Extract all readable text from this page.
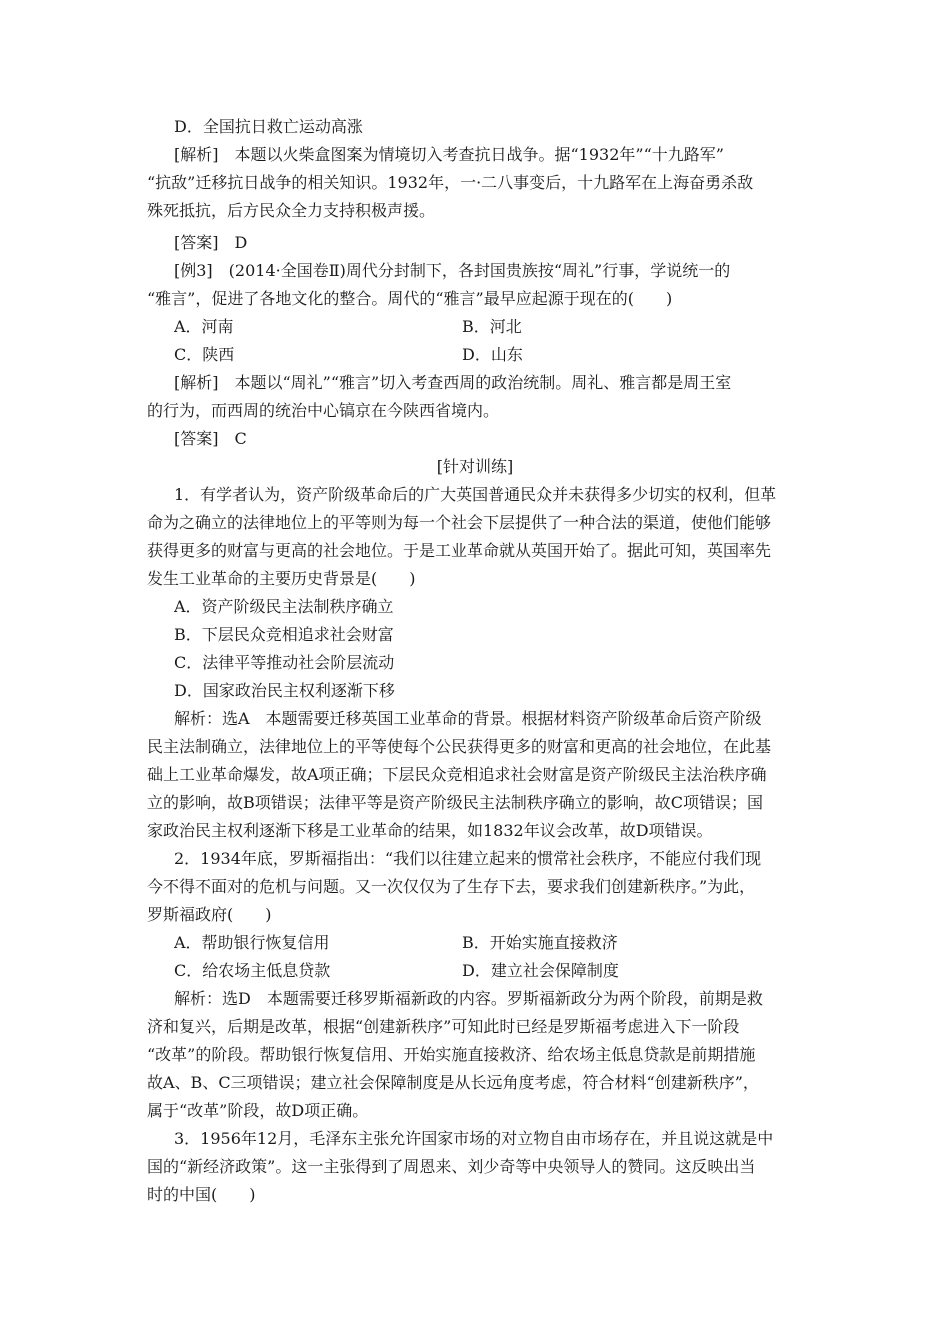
D．全国抗日救亡运动高涨
[解析]　本题以火柴盒图案为情境切入考查抗日战争。据“1932年”“十九路军”
“抗敌”迁移抗日战争的相关知识。1932年，一·二八事变后，十九路军在上海奋勇杀敌
殊死抵抗，后方民众全力支持积极声援。
[答案]　D
[例3]　(2014·全国卷Ⅱ)周代分封制下，各封国贵族按“周礼”行事，学说统一的
“雅言”，促进了各地文化的整合。周代的“雅言”最早应起源于现在的(　　)
A．河南	B．河北
C．陕西	D．山东
[解析]　本题以“周礼”“雅言”切入考查西周的政治统制。周礼、雅言都是周王室
的行为，而西周的统治中心镐京在今陕西省境内。
[答案]　C
[针对训练]
1．有学者认为，资产阶级革命后的广大英国普通民众并未获得多少切实的权利，但革
命为之确立的法律地位上的平等则为每一个社会下层提供了一种合法的渠道，使他们能够
获得更多的财富与更高的社会地位。于是工业革命就从英国开始了。据此可知，英国率先
发生工业革命的主要历史背景是(　　)
A．资产阶级民主法制秩序确立
B．下层民众竞相追求社会财富
C．法律平等推动社会阶层流动
D．国家政治民主权利逐渐下移
解析：选A　本题需要迁移英国工业革命的背景。根据材料资产阶级革命后资产阶级
民主法制确立，法律地位上的平等使每个公民获得更多的财富和更高的社会地位，在此基
础上工业革命爆发，故A项正确；下层民众竞相追求社会财富是资产阶级民主法治秩序确
立的影响，故B项错误；法律平等是资产阶级民主法制秩序确立的影响，故C项错误；国
家政治民主权利逐渐下移是工业革命的结果，如1832年议会改革，故D项错误。
2．1934年底，罗斯福指出：“我们以往建立起来的惯常社会秩序，不能应付我们现
今不得不面对的危机与问题。又一次仅仅为了生存下去，要求我们创建新秩序。”为此，
罗斯福政府(　　)
A．帮助银行恢复信用	B．开始实施直接救济
C．给农场主低息贷款	D．建立社会保障制度
解析：选D　本题需要迁移罗斯福新政的内容。罗斯福新政分为两个阶段，前期是救
济和复兴，后期是改革，根据“创建新秩序”可知此时已经是罗斯福考虑进入下一阶段
“改革”的阶段。帮助银行恢复信用、开始实施直接救济、给农场主低息贷款是前期措施
故A、B、C三项错误；建立社会保障制度是从长远角度考虑，符合材料“创建新秩序”，
属于“改革”阶段，故D项正确。
3．1956年12月，毛泽东主张允许国家市场的对立物自由市场存在，并且说这就是中
国的“新经济政策”。这一主张得到了周恩来、刘少奇等中央领导人的赞同。这反映出当
时的中国(　　)
